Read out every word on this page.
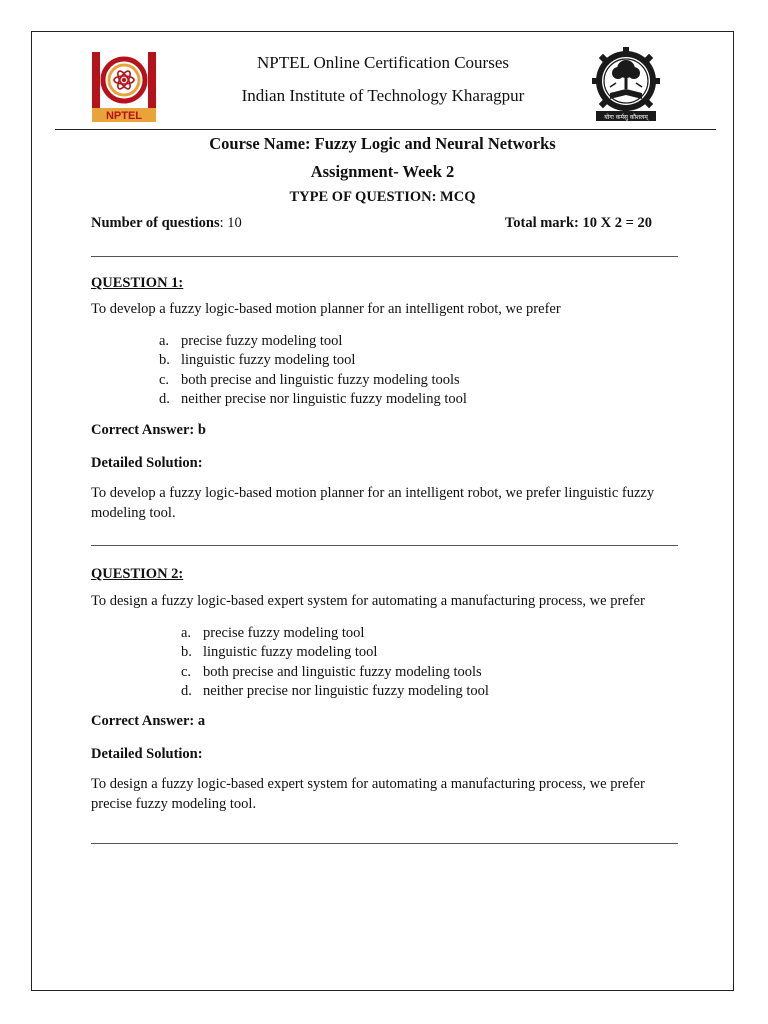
NPTEL	योगः कर्मसु कौशलम्
NPTEL Online Certification Courses
Indian Institute of Technology Kharagpur
Course Name: Fuzzy Logic and Neural Networks
Assignment- Week 2
TYPE OF QUESTION: MCQ
Number of questions: 10	Total mark: 10 X 2 = 20
QUESTION 1:
To develop a fuzzy logic-based motion planner for an intelligent robot, we prefer
a. precise fuzzy modeling tool
b. linguistic fuzzy modeling tool
c. both precise and linguistic fuzzy modeling tools
d. neither precise nor linguistic fuzzy modeling tool
Correct Answer: b
Detailed Solution:
To develop a fuzzy logic-based motion planner for an intelligent robot, we prefer linguistic fuzzy modeling tool.
QUESTION 2:
To design a fuzzy logic-based expert system for automating a manufacturing process, we prefer
a. precise fuzzy modeling tool
b. linguistic fuzzy modeling tool
c. both precise and linguistic fuzzy modeling tools
d. neither precise nor linguistic fuzzy modeling tool
Correct Answer: a
Detailed Solution:
To design a fuzzy logic-based expert system for automating a manufacturing process, we prefer precise fuzzy modeling tool.
